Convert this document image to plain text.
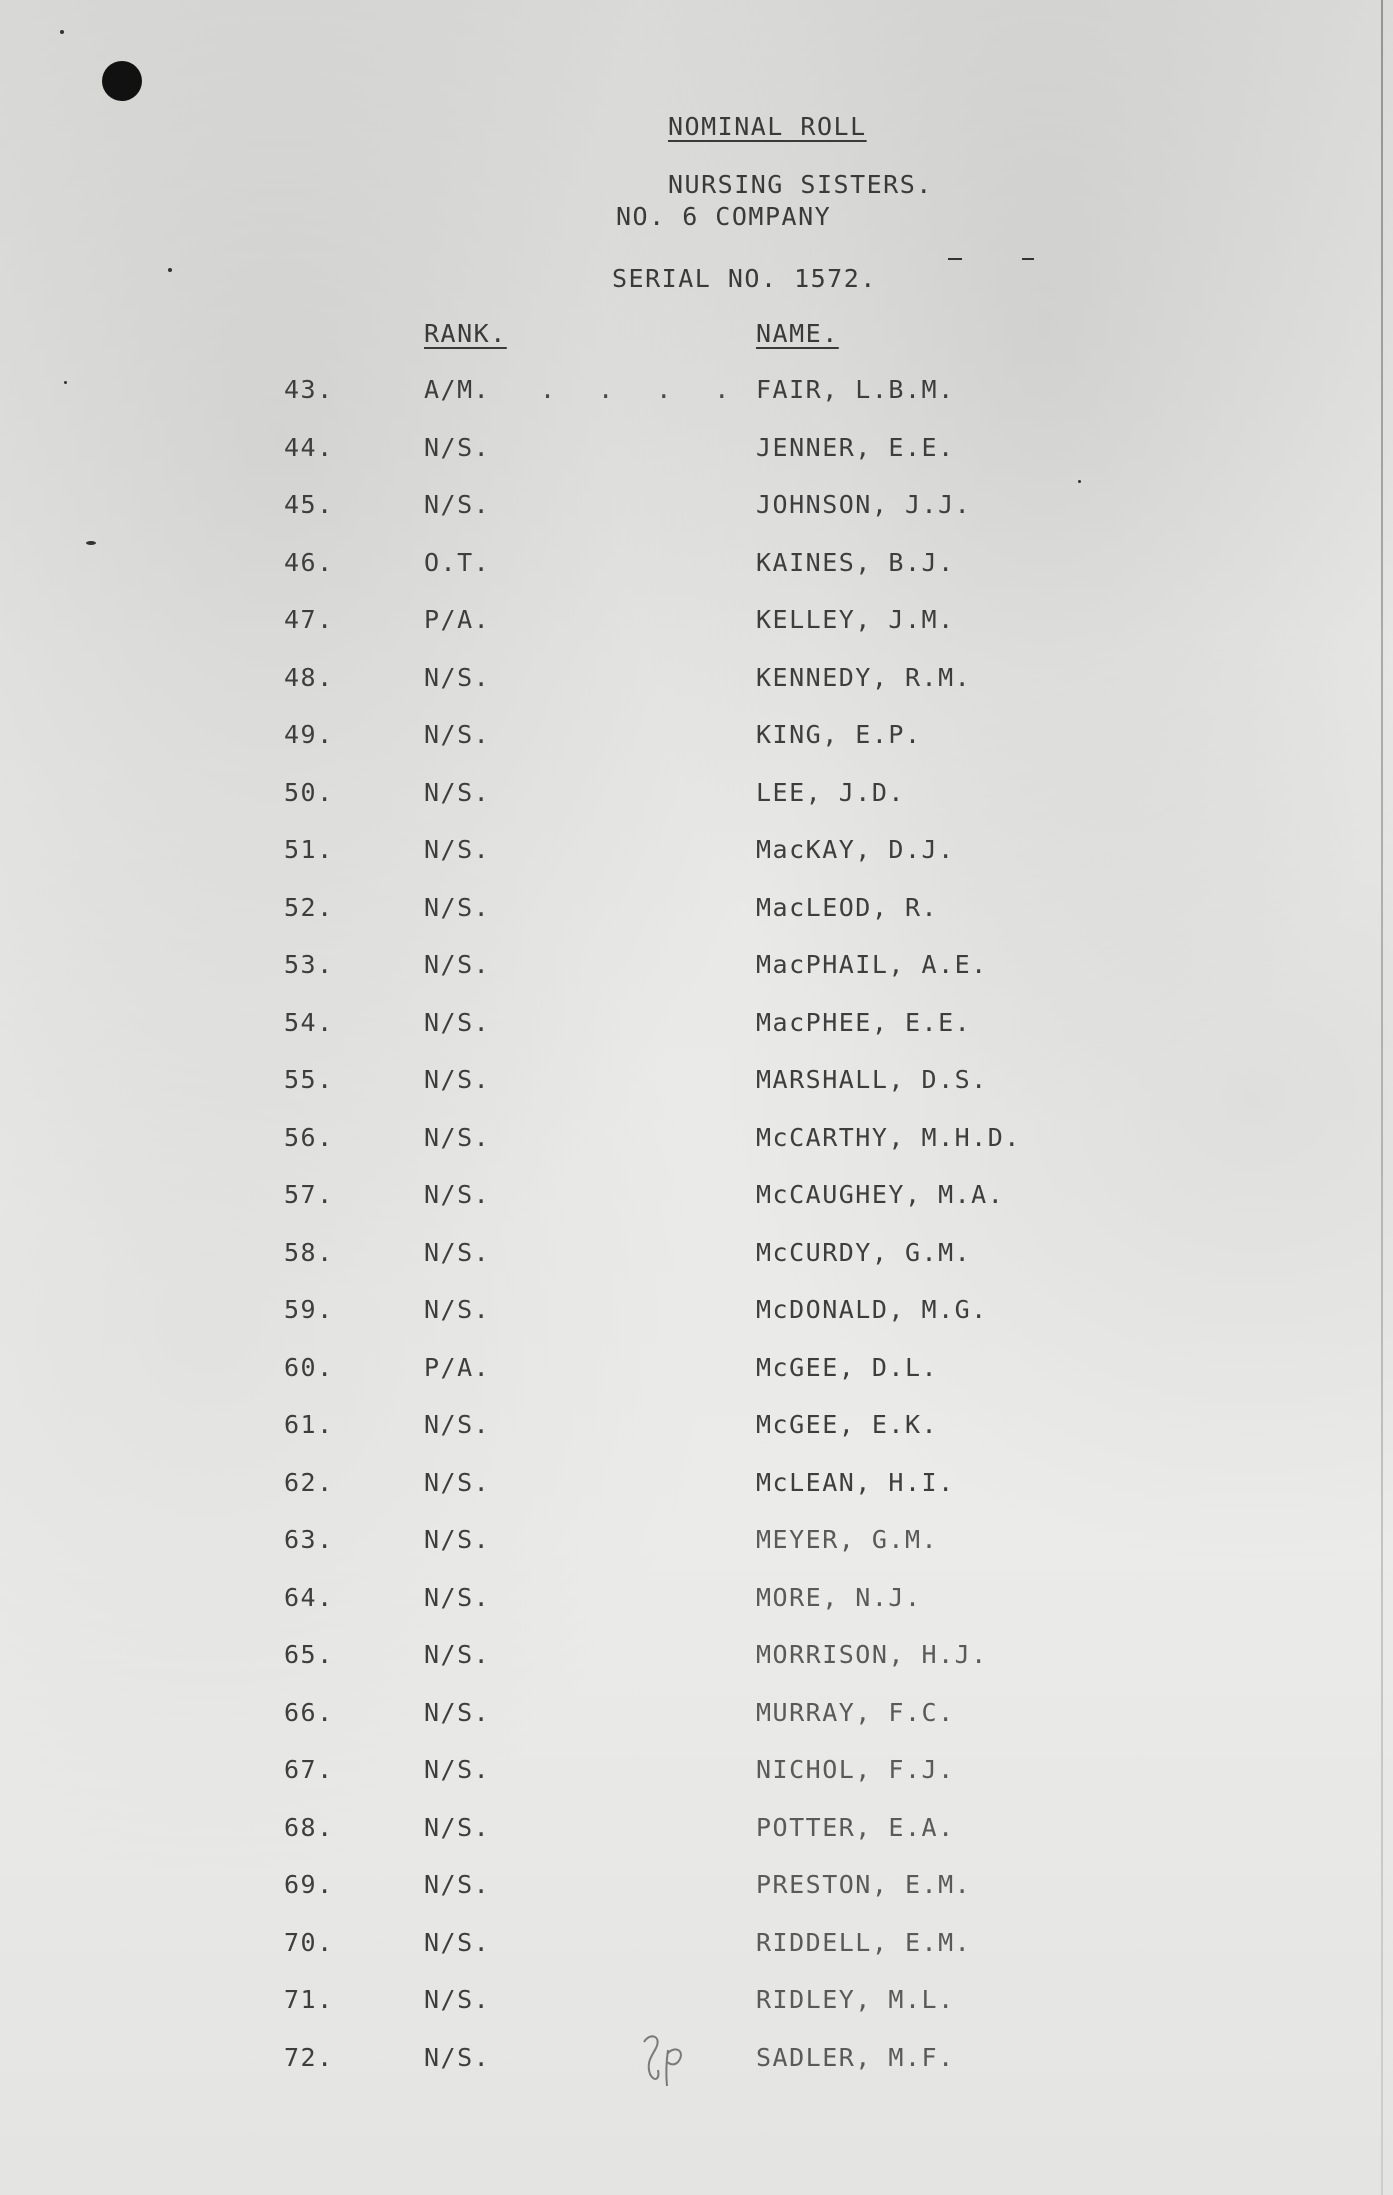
NOMINAL ROLL
NURSING SISTERS.
NO. 6 COMPANY
SERIAL NO. 1572.
RANK.	NAME.
43.	A/M.	FAIR, L.B.M.
. . . .
44.	N/S.	JENNER, E.E.
45.	N/S.	JOHNSON, J.J.
46.	O.T.	KAINES, B.J.
47.	P/A.	KELLEY, J.M.
48.	N/S.	KENNEDY, R.M.
49.	N/S.	KING, E.P.
50.	N/S.	LEE, J.D.
51.	N/S.	MacKAY, D.J.
52.	N/S.	MacLEOD, R.
53.	N/S.	MacPHAIL, A.E.
54.	N/S.	MacPHEE, E.E.
55.	N/S.	MARSHALL, D.S.
56.	N/S.	McCARTHY, M.H.D.
57.	N/S.	McCAUGHEY, M.A.
58.	N/S.	McCURDY, G.M.
59.	N/S.	McDONALD, M.G.
60.	P/A.	McGEE, D.L.
61.	N/S.	McGEE, E.K.
62.	N/S.	McLEAN, H.I.
63.	N/S.	MEYER, G.M.
64.	N/S.	MORE, N.J.
65.	N/S.	MORRISON, H.J.
66.	N/S.	MURRAY, F.C.
67.	N/S.	NICHOL, F.J.
68.	N/S.	POTTER, E.A.
69.	N/S.	PRESTON, E.M.
70.	N/S.	RIDDELL, E.M.
71.	N/S.	RIDLEY, M.L.
72.	N/S.	SADLER, M.F.
